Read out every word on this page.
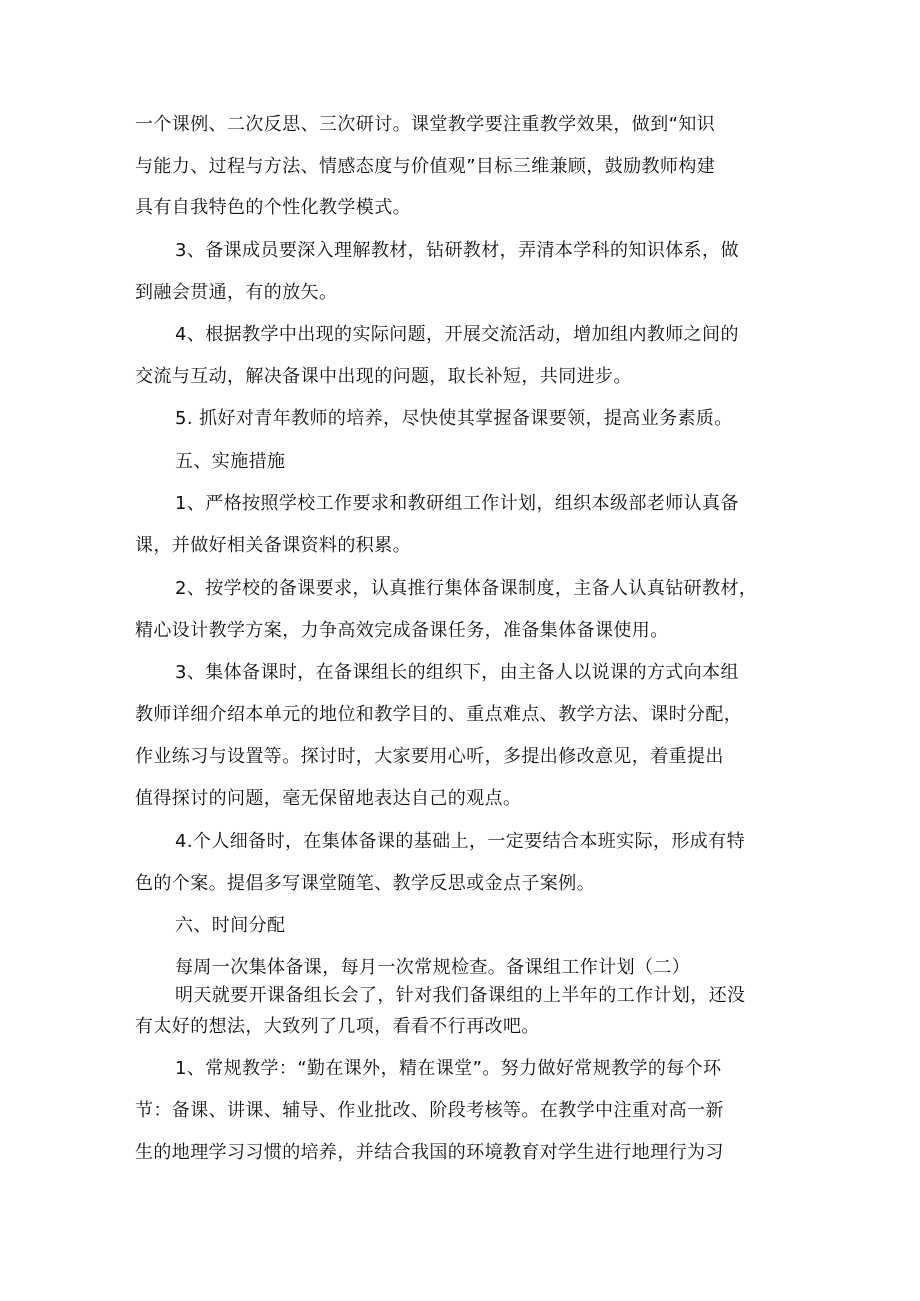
一个课例、二次反思、三次研讨。课堂教学要注重教学效果，做到“知识
与能力、过程与方法、情感态度与价值观”目标三维兼顾，鼓励教师构建
具有自我特色的个性化教学模式。
3、备课成员要深入理解教材，钻研教材，弄清本学科的知识体系，做
到融会贯通，有的放矢。
4、根据教学中出现的实际问题，开展交流活动，增加组内教师之间的
交流与互动，解决备课中出现的问题，取长补短，共同进步。
5. 抓好对青年教师的培养，尽快使其掌握备课要领，提高业务素质。
五、实施措施
1、严格按照学校工作要求和教研组工作计划，组织本级部老师认真备
课，并做好相关备课资料的积累。
2、按学校的备课要求，认真推行集体备课制度，主备人认真钻研教材，
精心设计教学方案，力争高效完成备课任务，准备集体备课使用。
3、集体备课时，在备课组长的组织下，由主备人以说课的方式向本组
教师详细介绍本单元的地位和教学目的、重点难点、教学方法、课时分配，
作业练习与设置等。探讨时，大家要用心听，多提出修改意见，着重提出
值得探讨的问题，毫无保留地表达自己的观点。
4.个人细备时，在集体备课的基础上，一定要结合本班实际，形成有特
色的个案。提倡多写课堂随笔、教学反思或金点子案例。
六、时间分配
每周一次集体备课，每月一次常规检查。备课组工作计划（二）
明天就要开课备组长会了，针对我们备课组的上半年的工作计划，还没
有太好的想法，大致列了几项，看看不行再改吧。
1、常规教学：“勤在课外，精在课堂”。努力做好常规教学的每个环
节：备课、讲课、辅导、作业批改、阶段考核等。在教学中注重对高一新
生的地理学习习惯的培养，并结合我国的环境教育对学生进行地理行为习
